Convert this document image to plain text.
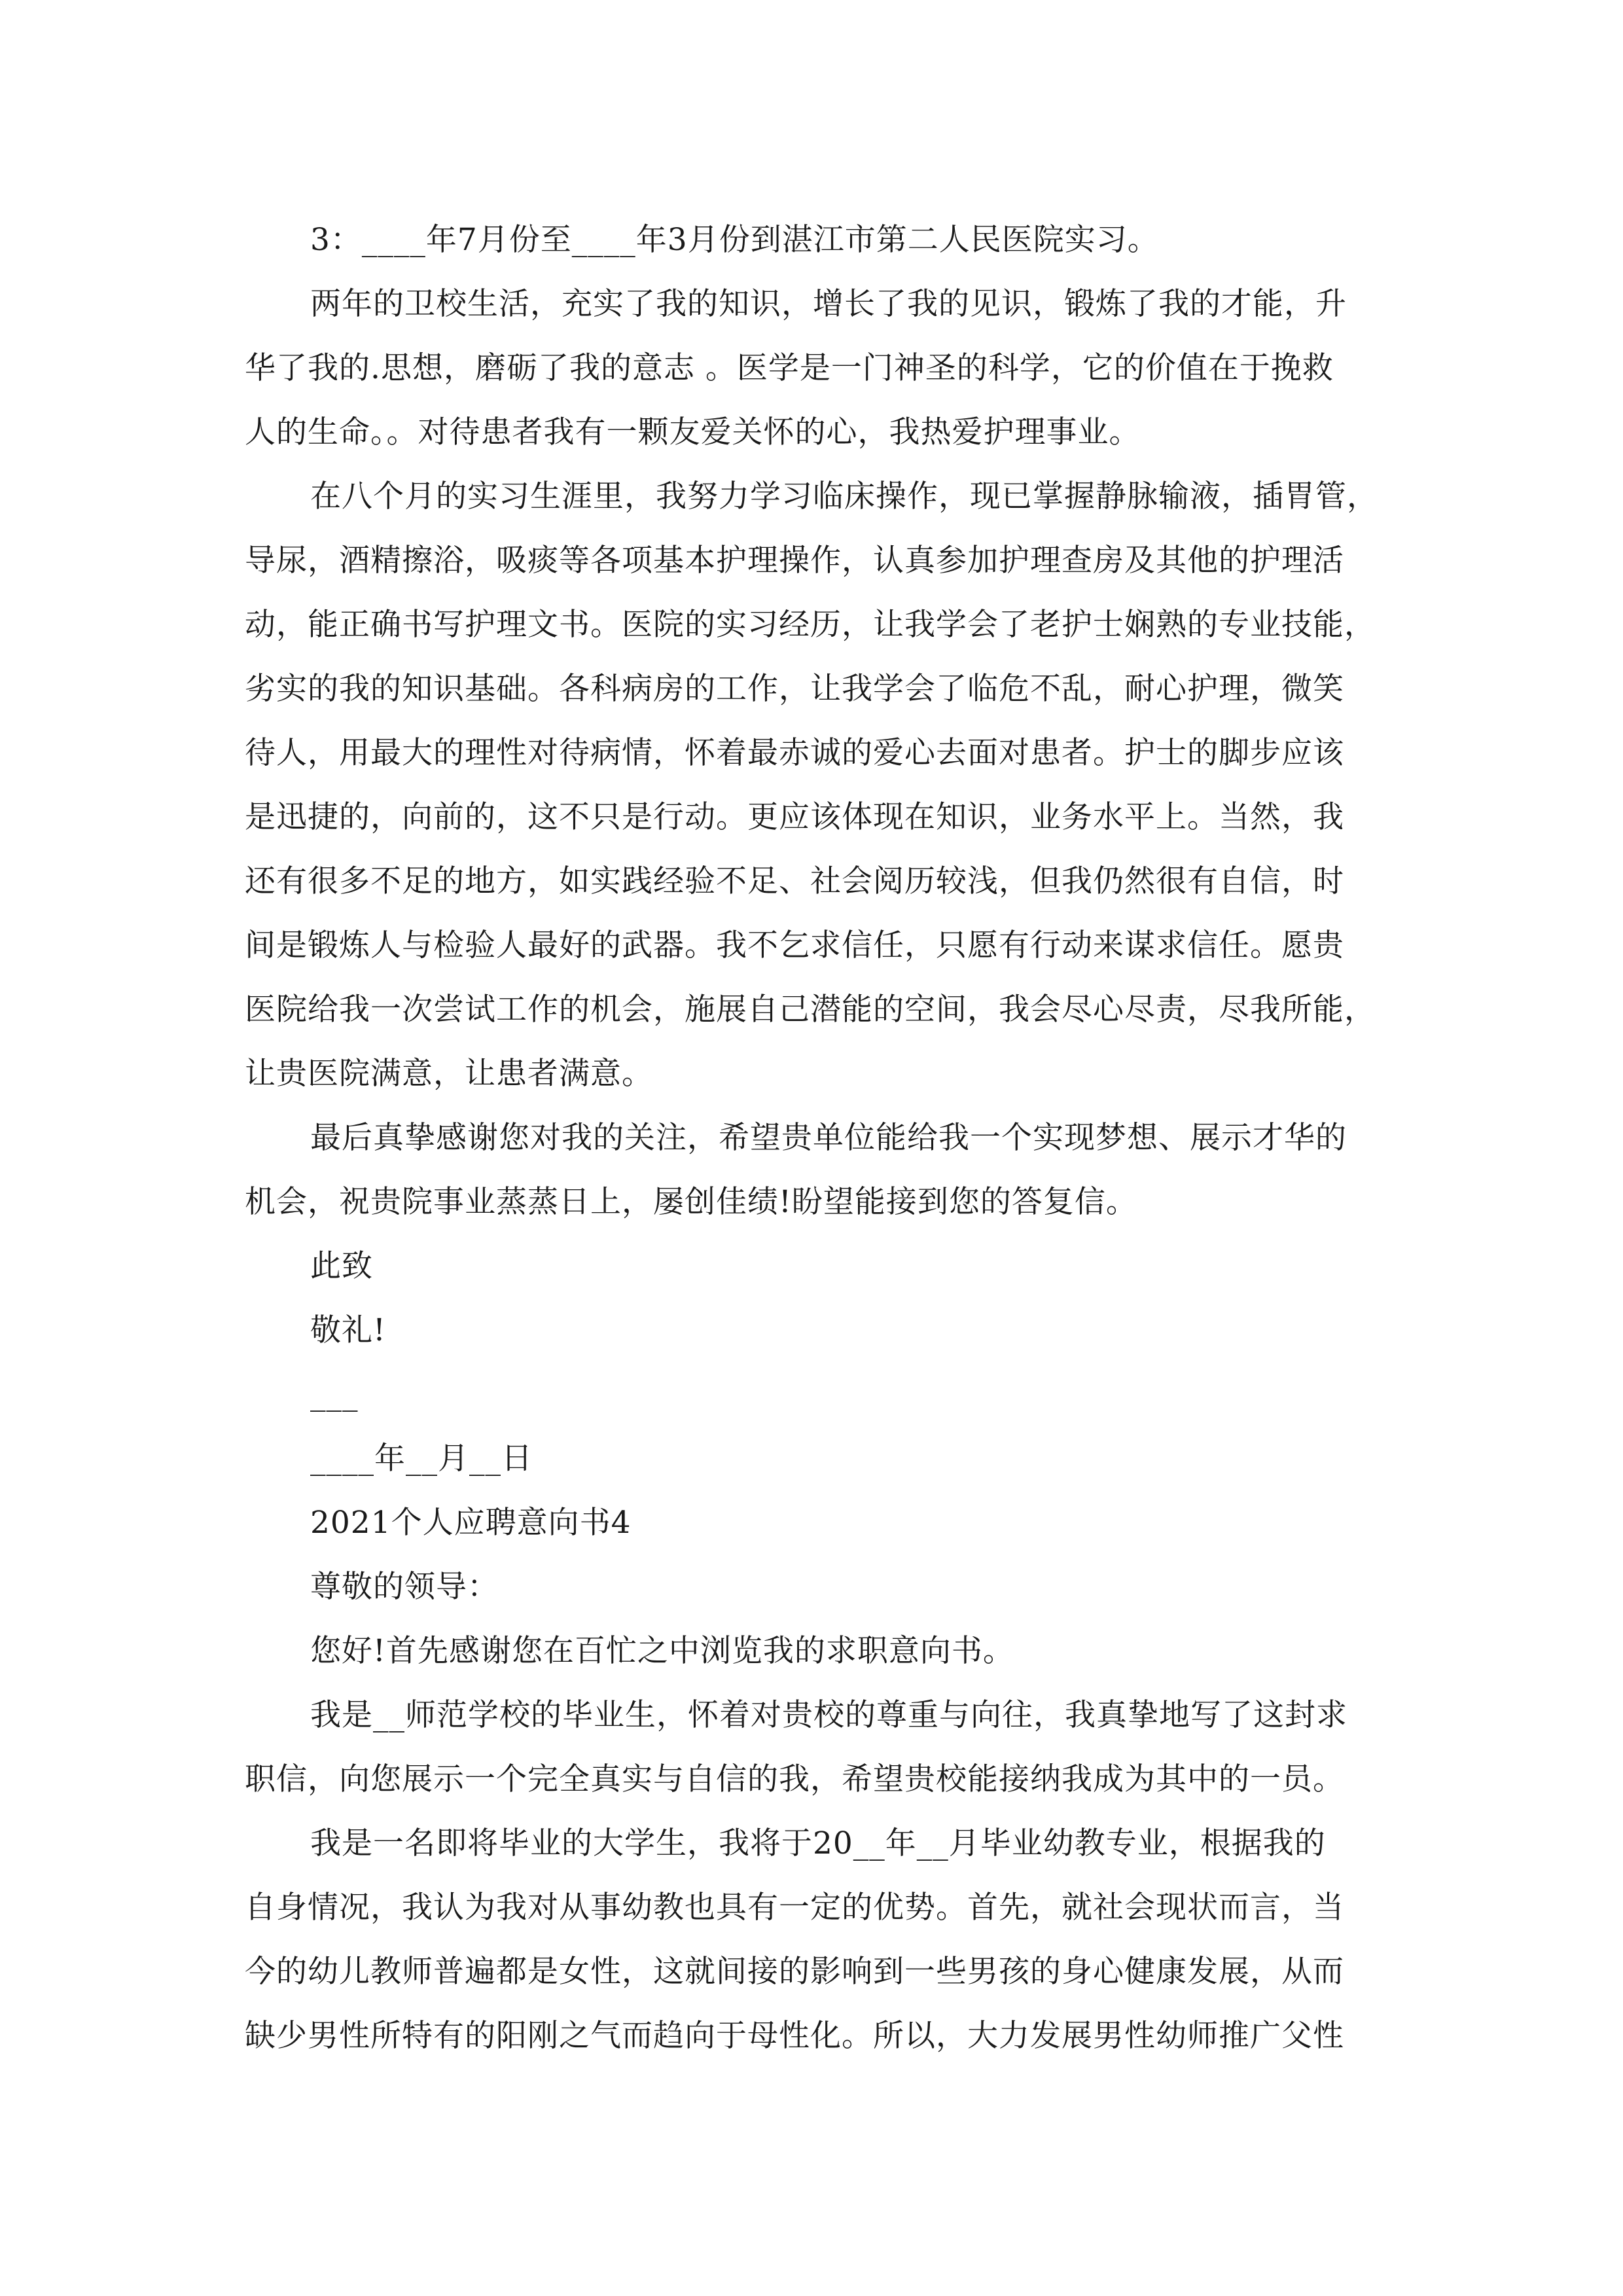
3：____年7月份至____年3月份到湛江市第二人民医院实习。
两年的卫校生活，充实了我的知识，增长了我的见识，锻炼了我的才能，升
华了我的.思想，磨砺了我的意志 。医学是一门神圣的科学，它的价值在于挽救
人的生命。。对待患者我有一颗友爱关怀的心，我热爱护理事业。
在八个月的实习生涯里，我努力学习临床操作，现已掌握静脉输液，插胃管，
导尿，酒精擦浴，吸痰等各项基本护理操作，认真参加护理查房及其他的护理活
动，能正确书写护理文书。医院的实习经历，让我学会了老护士娴熟的专业技能，
劣实的我的知识基础。各科病房的工作，让我学会了临危不乱，耐心护理，微笑
待人，用最大的理性对待病情，怀着最赤诚的爱心去面对患者。护士的脚步应该
是迅捷的，向前的，这不只是行动。更应该体现在知识，业务水平上。当然，我
还有很多不足的地方，如实践经验不足、社会阅历较浅，但我仍然很有自信，时
间是锻炼人与检验人最好的武器。我不乞求信任，只愿有行动来谋求信任。愿贵
医院给我一次尝试工作的机会，施展自己潜能的空间，我会尽心尽责，尽我所能，
让贵医院满意，让患者满意。
最后真挚感谢您对我的关注，希望贵单位能给我一个实现梦想、展示才华的
机会，祝贵院事业蒸蒸日上，屡创佳绩!盼望能接到您的答复信。
此致
敬礼!
___
____年__月__日
2021个人应聘意向书4
尊敬的领导：
您好!首先感谢您在百忙之中浏览我的求职意向书。
我是__师范学校的毕业生，怀着对贵校的尊重与向往，我真挚地写了这封求
职信，向您展示一个完全真实与自信的我，希望贵校能接纳我成为其中的一员。
我是一名即将毕业的大学生，我将于20__年__月毕业幼教专业，根据我的
自身情况，我认为我对从事幼教也具有一定的优势。首先，就社会现状而言，当
今的幼儿教师普遍都是女性，这就间接的影响到一些男孩的身心健康发展，从而
缺少男性所特有的阳刚之气而趋向于母性化。所以，大力发展男性幼师推广父性
